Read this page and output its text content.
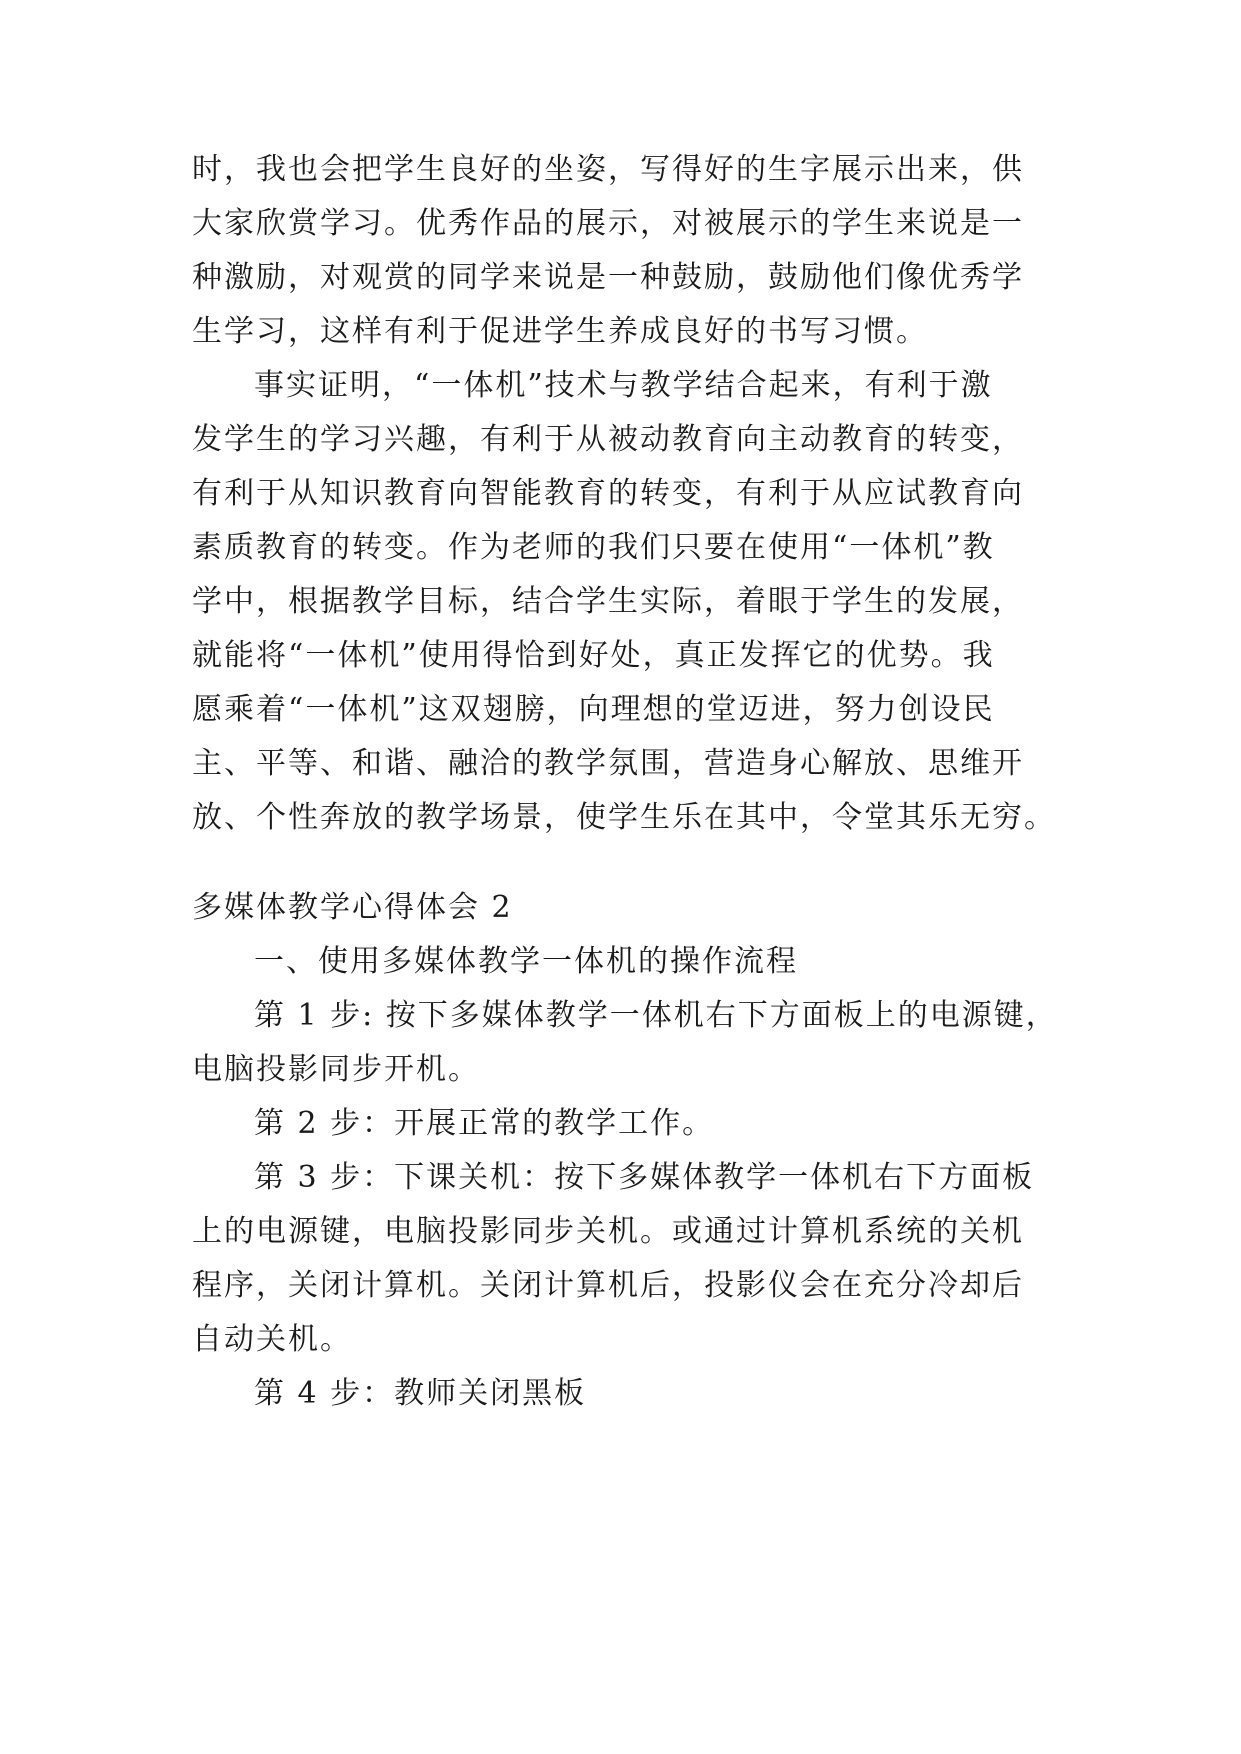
时，我也会把学生良好的坐姿，写得好的生字展示出来，供
大家欣赏学习。优秀作品的展示，对被展示的学生来说是一
种激励，对观赏的同学来说是一种鼓励，鼓励他们像优秀学
生学习，这样有利于促进学生养成良好的书写习惯。
事实证明，“一体机”技术与教学结合起来，有利于激
发学生的学习兴趣，有利于从被动教育向主动教育的转变，
有利于从知识教育向智能教育的转变，有利于从应试教育向
素质教育的转变。作为老师的我们只要在使用“一体机”教
学中，根据教学目标，结合学生实际，着眼于学生的发展，
就能将“一体机”使用得恰到好处，真正发挥它的优势。我
愿乘着“一体机”这双翅膀，向理想的堂迈进，努力创设民
主、平等、和谐、融洽的教学氛围，营造身心解放、思维开
放、个性奔放的教学场景，使学生乐在其中，令堂其乐无穷。
多媒体教学心得体会 2
一、使用多媒体教学一体机的操作流程
第 1 步: 按下多媒体教学一体机右下方面板上的电源键，
电脑投影同步开机。
第 2 步：开展正常的教学工作。
第 3 步：下课关机：按下多媒体教学一体机右下方面板
上的电源键，电脑投影同步关机。或通过计算机系统的关机
程序，关闭计算机。关闭计算机后，投影仪会在充分冷却后
自动关机。
第 4 步：教师关闭黑板
